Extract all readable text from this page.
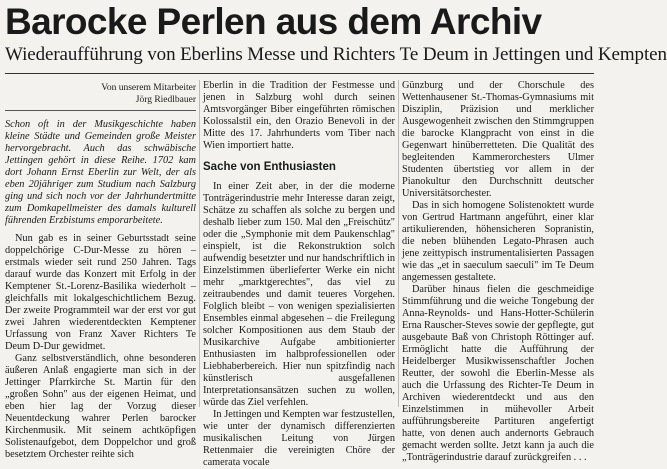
Barocke Perlen aus dem Archiv
Wiederaufführung von Eberlins Messe und Richters Te Deum in Jettingen und Kempten
Von unserem Mitarbeiter
Jörg Riedlbauer

Schon oft in der Musikgeschichte haben kleine Städte und Gemeinden große Meister hervorgebracht. Auch das schwäbische Jettingen gehört in diese Reihe. 1702 kam dort Johann Ernst Eberlin zur Welt, der als eben 20jähriger zum Studium nach Salzburg ging und sich noch vor der Jahrhundertmitte zum Domkapellmeister des damals kulturell führenden Erzbistums emporarbeitete.

Nun gab es in seiner Geburtsstadt seine doppelchörige C-Dur-Messe zu hören – erstmals wieder seit rund 250 Jahren. Tags darauf wurde das Konzert mit Erfolg in der Kemptener St.-Lorenz-Basilika wiederholt – gleichfalls mit lokalgeschichtlichem Bezug. Der zweite Programmteil war der erst vor gut zwei Jahren wiederentdeckten Kemptener Urfassung von Franz Xaver Richters Te Deum D-Dur gewidmet.

Ganz selbstverständlich, ohne besonderen äußeren Anlaß engagierte man sich in der Jettinger Pfarrkirche St. Martin für den „großen Sohn" aus der eigenen Heimat, und eben hier lag der Vorzug dieser Neuentdeckung wahrer Perlen barocker Kirchenmusik. Mit seinem achtköpfigen Solistenaufgebot, dem Doppelchor und groß besetztem Orchester reihte sich

Eberlin in die Tradition der Festmesse und jenen in Salzburg wohl durch seinen Amtsvorgänger Biber eingeführten römischen Kolossalstil ein, den Orazio Benevoli in der Mitte des 17. Jahrhunderts vom Tiber nach Wien importiert hatte.

Sache von Enthusiasten

In einer Zeit aber, in der die moderne Tonträgerindustrie mehr Interesse daran zeigt, Schätze zu schaffen als solche zu bergen und deshalb lieber zum 150. Mal den „Freischütz" oder die „Symphonie mit dem Paukenschlag" einspielt, ist die Rekonstruktion solch aufwendig besetzter und nur handschriftlich in Einzelstimmen überlieferter Werke ein nicht mehr „marktgerechtes", das viel zu zeitraubendes und damit teueres Vorgehen. Folglich bleibt – von wenigen spezialisierten Ensembles einmal abgesehen – die Freilegung solcher Kompositionen aus dem Staub der Musikarchive Aufgabe ambitionierter Enthusiasten im halbprofessionellen oder Liebhaberbereich. Hier nun spitzfindig nach künstlerisch ausgefallenen Interpretationsansätzen suchen zu wollen, würde das Ziel verfehlen.

In Jettingen und Kempten war festzustellen, wie unter der dynamisch differenzierten musikalischen Leitung von Jürgen Rettenmaier die vereinigten Chöre der camerata vocale

Günzburg und der Chorschule des Wettenhausener St.-Thomas-Gymnasiums mit Disziplin, Präzision und merklicher Ausgewogenheit zwischen den Stimmgruppen die barocke Klangpracht von einst in die Gegenwart hinüberretteten. Die Qualität des begleitenden Kammerorchesters Ulmer Studenten übertstieg vor allem in der Pianokultur den Durchschnitt deutscher Universitätsorchester.

Das in sich homogene Solistenoktett wurde von Gertrud Hartmann angeführt, einer klar artikulierenden, höhensicheren Sopranistin, die neben blühenden Legato-Phrasen auch jene zeittypisch instrumentalisierten Passagen wie das „et in saeculum saeculi" im Te Deum angemessen gestaltete.

Darüber hinaus fielen die geschmeidige Stimmführung und die weiche Tongebung der Anna-Reynolds- und Hans-Hotter-Schülerin Erna Rauscher-Steves sowie der gepflegte, gut ausgebaute Baß von Christoph Röttinger auf. Ermöglicht hatte die Aufführung der Heidelberger Musikwissenschaftler Jochen Reutter, der sowohl die Eberlin-Messe als auch die Urfassung des Richter-Te Deum in Archiven wiederentdeckt und aus den Einzelstimmen in mühevoller Arbeit aufführungsbereite Partituren angefertigt hatte, von denen auch andernorts Gebrauch gemacht werden sollte. Jetzt kann ja auch die „Tonträgerindustrie darauf zurückgreifen . . .
